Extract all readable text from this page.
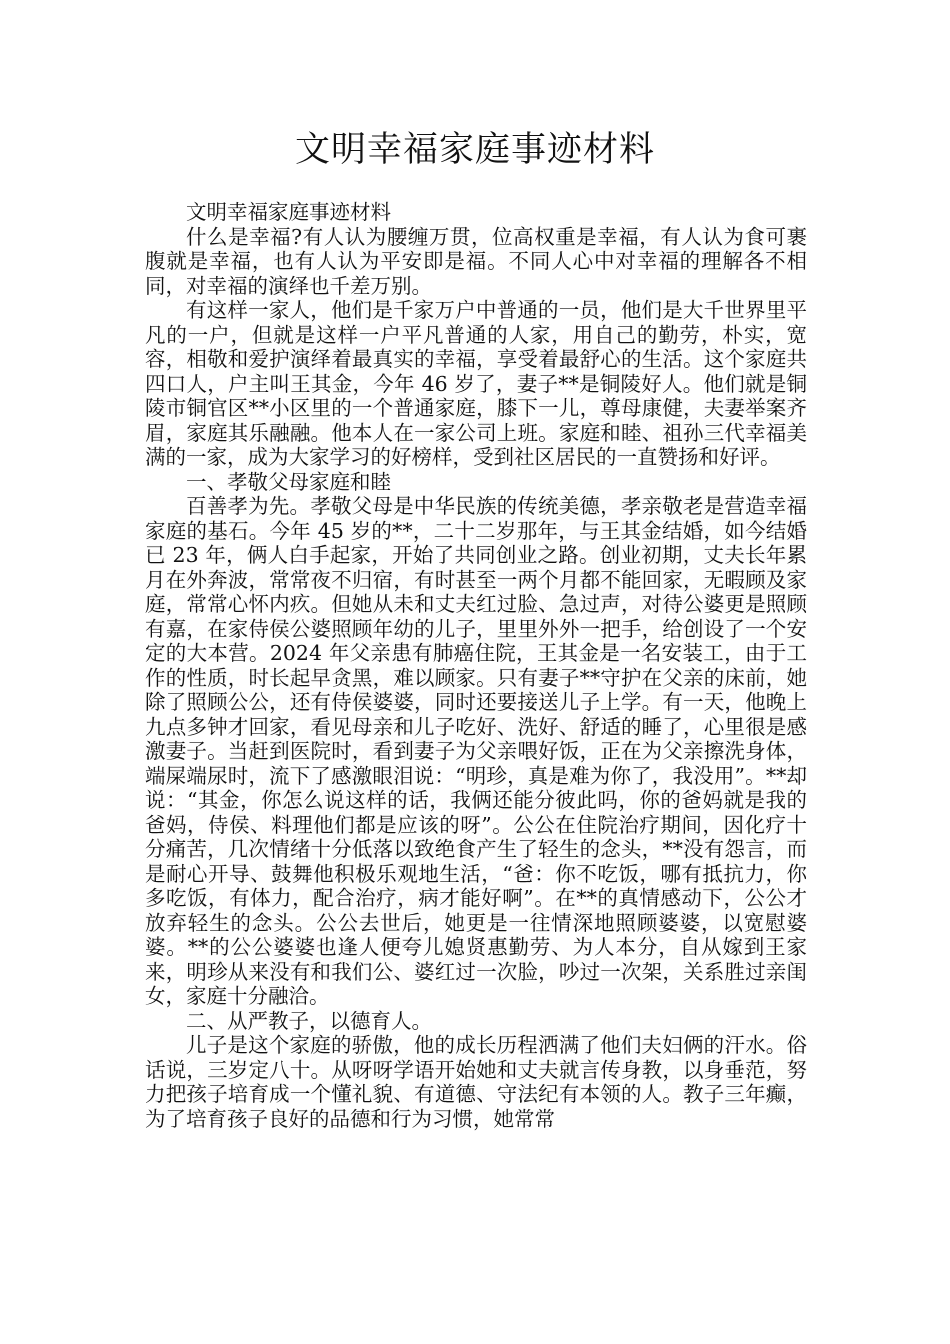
文明幸福家庭事迹材料

文明幸福家庭事迹材料

什么是幸福?有人认为腰缠万贯，位高权重是幸福，有人认为食可裹腹就是幸福，也有人认为平安即是福。不同人心中对幸福的理解各不相同，对幸福的演绎也千差万别。

有这样一家人，他们是千家万户中普通的一员，他们是大千世界里平凡的一户，但就是这样一户平凡普通的人家，用自己的勤劳，朴实，宽容，相敬和爱护演绎着最真实的幸福，享受着最舒心的生活。这个家庭共四口人，户主叫王其金，今年 46 岁了，妻子**是铜陵好人。他们就是铜陵市铜官区**小区里的一个普通家庭，膝下一儿，尊母康健，夫妻举案齐眉，家庭其乐融融。他本人在一家公司上班。家庭和睦、祖孙三代幸福美满的一家，成为大家学习的好榜样，受到社区居民的一直赞扬和好评。

一、孝敬父母家庭和睦

百善孝为先。孝敬父母是中华民族的传统美德，孝亲敬老是营造幸福家庭的基石。今年 45 岁的**，二十二岁那年，与王其金结婚，如今结婚已 23 年，俩人白手起家，开始了共同创业之路。创业初期，丈夫长年累月在外奔波，常常夜不归宿，有时甚至一两个月都不能回家，无暇顾及家庭，常常心怀内疚。但她从未和丈夫红过脸、急过声，对待公婆更是照顾有嘉，在家侍侯公婆照顾年幼的儿子，里里外外一把手，给创设了一个安定的大本营。2024 年父亲患有肺癌住院，王其金是一名安装工，由于工作的性质，时长起早贪黑，难以顾家。只有妻子**守护在父亲的床前，她除了照顾公公，还有侍侯婆婆，同时还要接送儿子上学。有一天，他晚上九点多钟才回家，看见母亲和儿子吃好、洗好、舒适的睡了，心里很是感激妻子。当赶到医院时，看到妻子为父亲喂好饭，正在为父亲擦洗身体，端屎端尿时，流下了感激眼泪说：“明珍，真是难为你了，我没用”。**却说：“其金，你怎么说这样的话，我俩还能分彼此吗，你的爸妈就是我的爸妈，侍侯、料理他们都是应该的呀”。公公在住院治疗期间，因化疗十分痛苦，几次情绪十分低落以致绝食产生了轻生的念头，**没有怨言，而是耐心开导、鼓舞他积极乐观地生活，“爸：你不吃饭，哪有抵抗力，你多吃饭，有体力，配合治疗，病才能好啊”。在**的真情感动下，公公才放弃轻生的念头。公公去世后，她更是一往情深地照顾婆婆，以宽慰婆婆。**的公公婆婆也逢人便夸儿媳贤惠勤劳、为人本分，自从嫁到王家来，明珍从来没有和我们公、婆红过一次脸，吵过一次架，关系胜过亲闺女，家庭十分融洽。

二、从严教子，以德育人。

儿子是这个家庭的骄傲，他的成长历程洒满了他们夫妇俩的汗水。俗话说，三岁定八十。从呀呀学语开始她和丈夫就言传身教，以身垂范，努力把孩子培育成一个懂礼貌、有道德、守法纪有本领的人。教子三年癫，为了培育孩子良好的品德和行为习惯，她常常
